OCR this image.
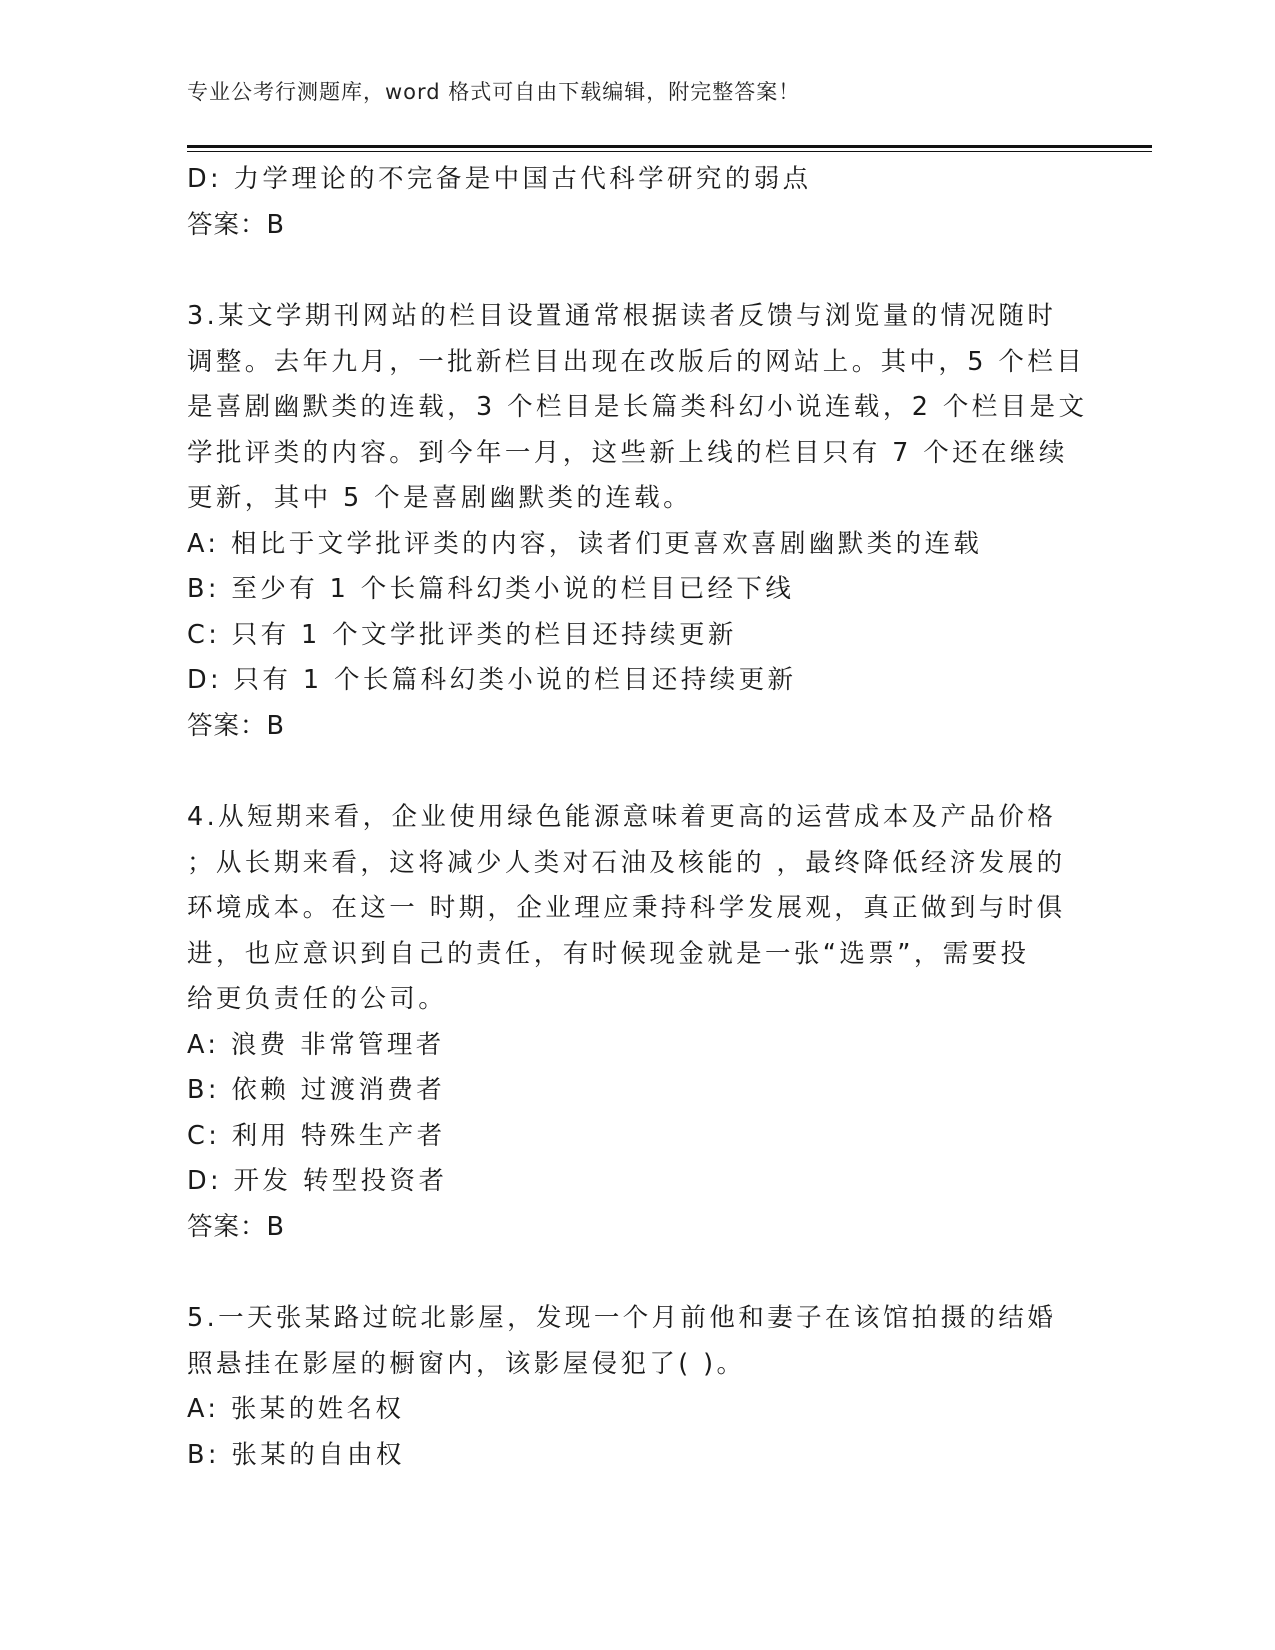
专业公考行测题库，word 格式可自由下载编辑，附完整答案！
D: 力学理论的不完备是中国古代科学研究的弱点
答案：B
3.某文学期刊网站的栏目设置通常根据读者反馈与浏览量的情况随时
调整。去年九月，一批新栏目出现在改版后的网站上。其中，5 个栏目
是喜剧幽默类的连载，3 个栏目是长篇类科幻小说连载，2 个栏目是文
学批评类的内容。到今年一月，这些新上线的栏目只有 7 个还在继续
更新，其中 5 个是喜剧幽默类的连载。
A: 相比于文学批评类的内容，读者们更喜欢喜剧幽默类的连载
B: 至少有 1 个长篇科幻类小说的栏目已经下线
C: 只有 1 个文学批评类的栏目还持续更新
D: 只有 1 个长篇科幻类小说的栏目还持续更新
答案：B
4.从短期来看，企业使用绿色能源意味着更高的运营成本及产品价格
；从长期来看，这将减少人类对石油及核能的 ，最终降低经济发展的
环境成本。在这一 时期，企业理应秉持科学发展观，真正做到与时俱
进，也应意识到自己的责任，有时候现金就是一张“选票”，需要投
给更负责任的公司。
A: 浪费 非常管理者
B: 依赖 过渡消费者
C: 利用 特殊生产者
D: 开发 转型投资者
答案：B
5.一天张某路过皖北影屋，发现一个月前他和妻子在该馆拍摄的结婚
照悬挂在影屋的橱窗内，该影屋侵犯了( )。
A: 张某的姓名权
B: 张某的自由权
